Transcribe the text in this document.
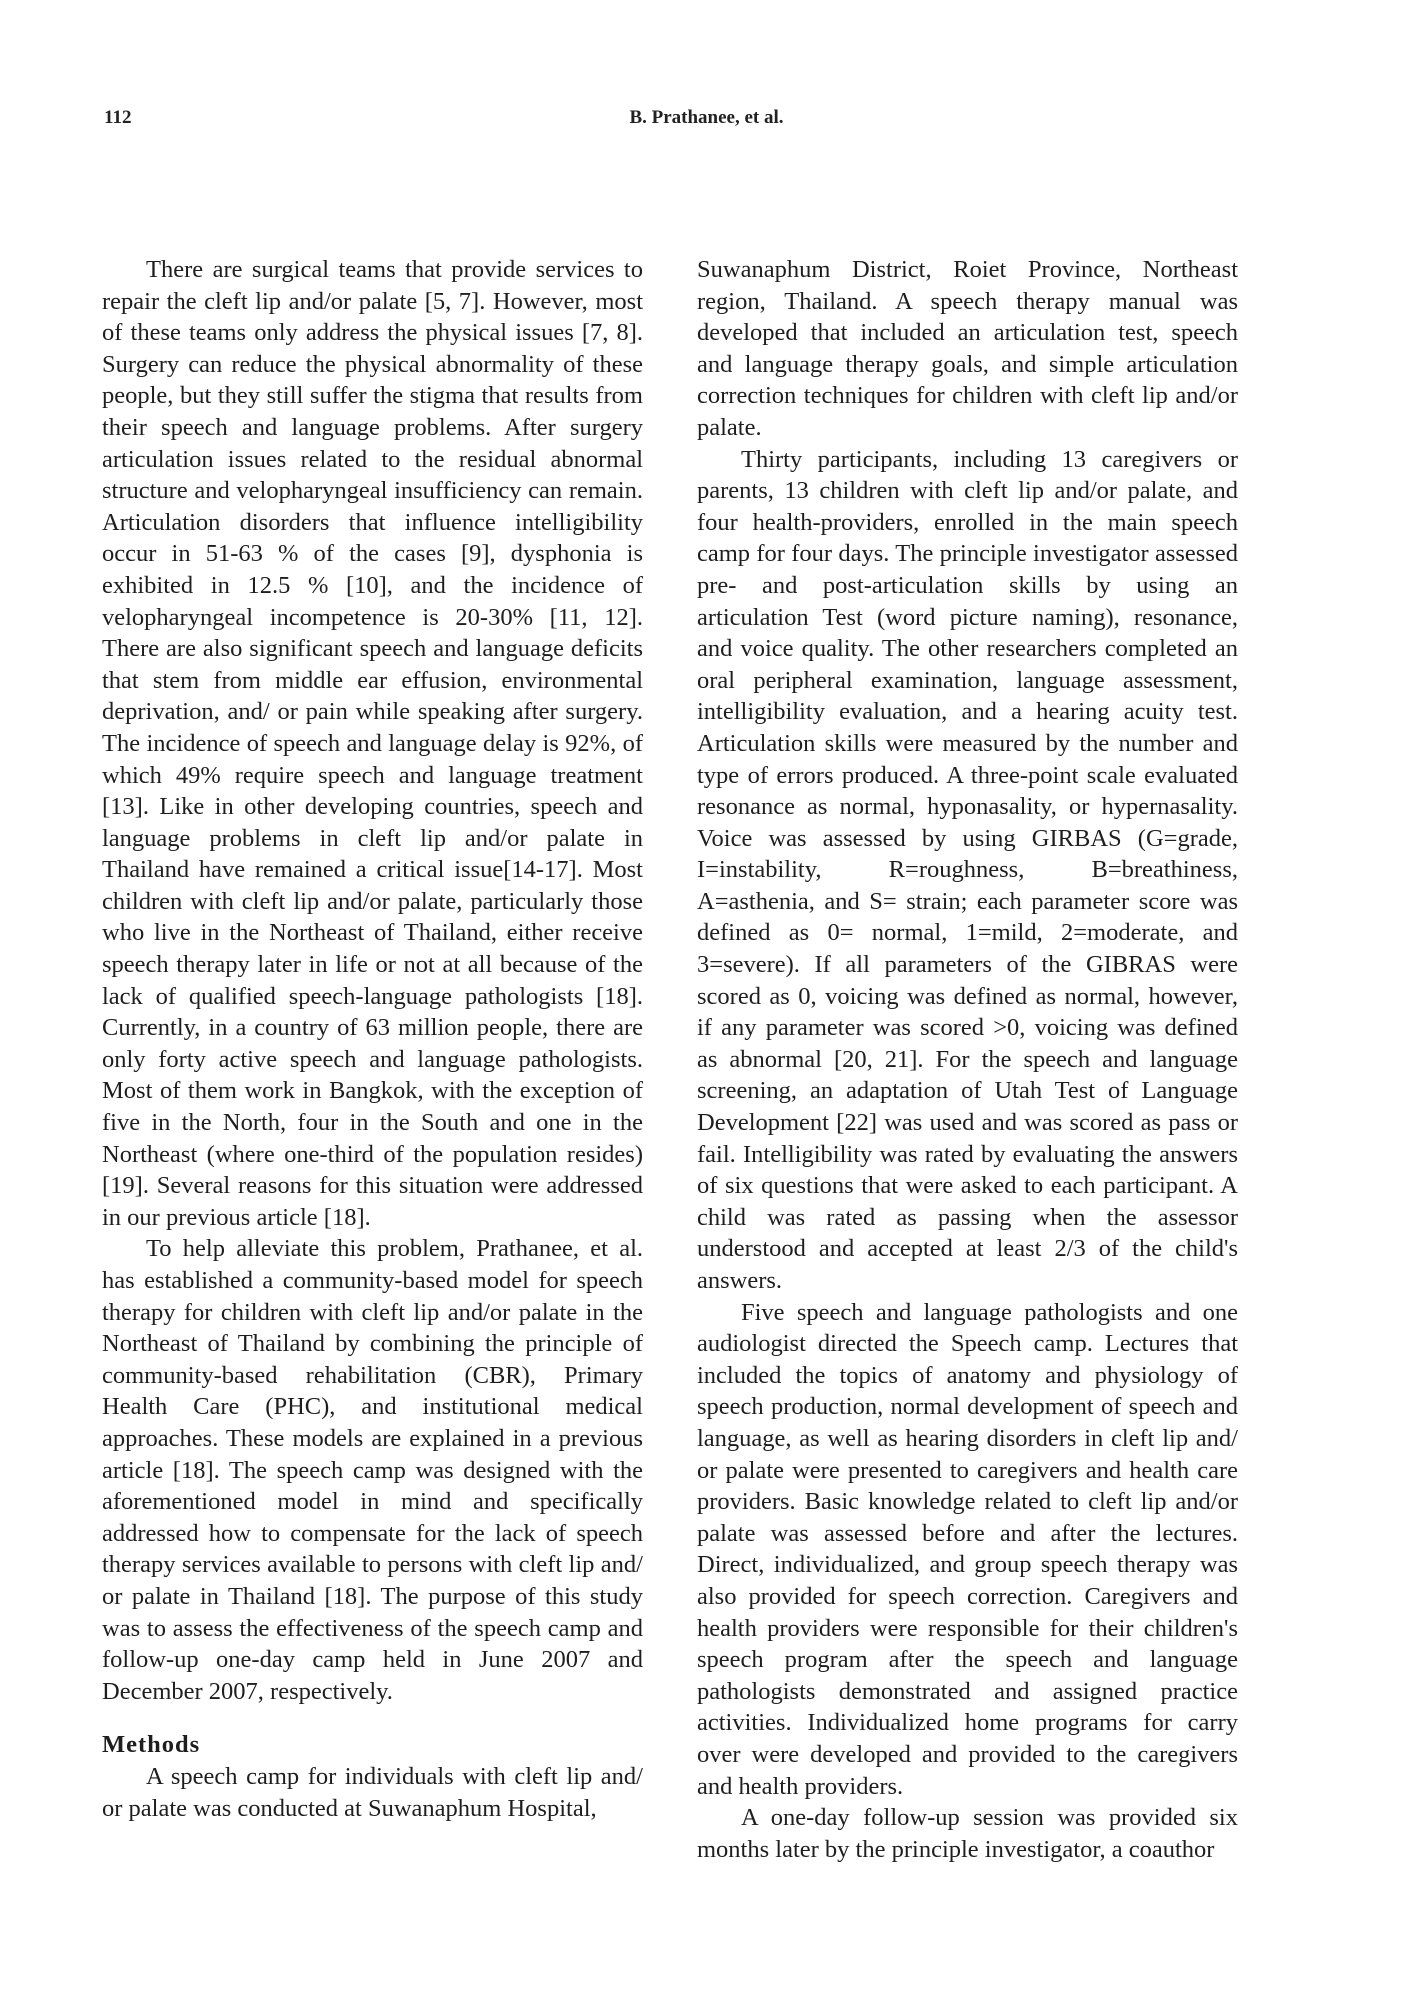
112	B. Prathanee, et al.

There are surgical teams that provide services to repair the cleft lip and/or palate [5, 7]. However, most of these teams only address the physical issues [7, 8]. Surgery can reduce the physical abnormality of these people, but they still suffer the stigma that results from their speech and language problems. After surgery articulation issues related to the residual abnormal structure and velopharyngeal insufficiency can remain. Articulation disorders that influence intelligibility occur in 51-63 % of the cases [9], dysphonia is exhibited in 12.5 % [10], and the incidence of velopharyngeal incompetence is 20-30% [11, 12]. There are also significant speech and language deficits that stem from middle ear effusion, environmental deprivation, and/ or pain while speaking after surgery. The incidence of speech and language delay is 92%, of which 49% require speech and language treatment [13]. Like in other developing countries, speech and language problems in cleft lip and/or palate in Thailand have remained a critical issue[14-17]. Most children with cleft lip and/or palate, particularly those who live in the Northeast of Thailand, either receive speech therapy later in life or not at all because of the lack of qualified speech-language pathologists [18]. Currently, in a country of 63 million people, there are only forty active speech and language pathologists. Most of them work in Bangkok, with the exception of five in the North, four in the South and one in the Northeast (where one-third of the population resides) [19]. Several reasons for this situation were addressed in our previous article [18].

To help alleviate this problem, Prathanee, et al. has established a community-based model for speech therapy for children with cleft lip and/or palate in the Northeast of Thailand by combining the principle of community-based rehabilitation (CBR), Primary Health Care (PHC), and institutional medical approaches. These models are explained in a previous article [18]. The speech camp was designed with the aforementioned model in mind and specifically addressed how to compensate for the lack of speech therapy services available to persons with cleft lip and/ or palate in Thailand [18]. The purpose of this study was to assess the effectiveness of the speech camp and follow-up one-day camp held in June 2007 and December 2007, respectively.

Methods

A speech camp for individuals with cleft lip and/ or palate was conducted at Suwanaphum Hospital,

Suwanaphum District, Roiet Province, Northeast region, Thailand. A speech therapy manual was developed that included an articulation test, speech and language therapy goals, and simple articulation correction techniques for children with cleft lip and/or palate.

Thirty participants, including 13 caregivers or parents, 13 children with cleft lip and/or palate, and four health-providers, enrolled in the main speech camp for four days. The principle investigator assessed pre- and post-articulation skills by using an articulation Test (word picture naming), resonance, and voice quality. The other researchers completed an oral peripheral examination, language assessment, intelligibility evaluation, and a hearing acuity test. Articulation skills were measured by the number and type of errors produced. A three-point scale evaluated resonance as normal, hyponasality, or hypernasality. Voice was assessed by using GIRBAS (G=grade, I=instability, R=roughness, B=breathiness, A=asthenia, and S= strain; each parameter score was defined as 0= normal, 1=mild, 2=moderate, and 3=severe). If all parameters of the GIBRAS were scored as 0, voicing was defined as normal, however, if any parameter was scored >0, voicing was defined as abnormal [20, 21]. For the speech and language screening, an adaptation of Utah Test of Language Development [22] was used and was scored as pass or fail. Intelligibility was rated by evaluating the answers of six questions that were asked to each participant. A child was rated as passing when the assessor understood and accepted at least 2/3 of the child's answers.

Five speech and language pathologists and one audiologist directed the Speech camp. Lectures that included the topics of anatomy and physiology of speech production, normal development of speech and language, as well as hearing disorders in cleft lip and/ or palate were presented to caregivers and health care providers. Basic knowledge related to cleft lip and/or palate was assessed before and after the lectures. Direct, individualized, and group speech therapy was also provided for speech correction. Caregivers and health providers were responsible for their children's speech program after the speech and language pathologists demonstrated and assigned practice activities. Individualized home programs for carry over were developed and provided to the caregivers and health providers.

A one-day follow-up session was provided six months later by the principle investigator, a coauthor
